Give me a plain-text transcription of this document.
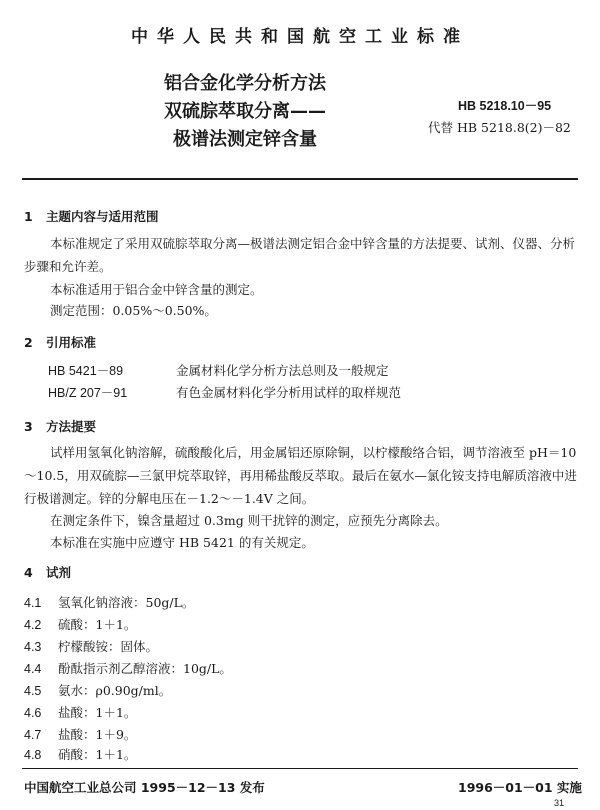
中华人民共和国航空工业标准
铝合金化学分析方法
双硫腙萃取分离——
极谱法测定锌含量
HB 5218.10－95
代替 HB 5218.8(2)－82
1 主题内容与适用范围
本标准规定了采用双硫腙萃取分离—极谱法测定铝合金中锌含量的方法提要、试剂、仪器、分析步骤和允许差。
本标准适用于铝合金中锌含量的测定。
测定范围：0.05%～0.50%。
2 引用标准
HB 5421－89	金属材料化学分析方法总则及一般规定
HB/Z 207－91	有色金属材料化学分析用试样的取样规范
3 方法提要
试样用氢氧化钠溶解，硫酸酸化后，用金属铝还原除铜，以柠檬酸络合铝，调节溶液至 pH＝10～10.5，用双硫腙—三氯甲烷萃取锌，再用稀盐酸反萃取。最后在氨水—氯化铵支持电解质溶液中进行极谱测定。锌的分解电压在－1.2～－1.4V 之间。
在测定条件下，镍含量超过 0.3mg 则干扰锌的测定，应预先分离除去。
本标准在实施中应遵守 HB 5421 的有关规定。
4 试剂
4.1 氢氧化钠溶液：50g/L。
4.2 硫酸：1＋1。
4.3 柠檬酸铵：固体。
4.4 酚酞指示剂乙醇溶液：10g/L。
4.5 氨水：ρ0.90g/ml。
4.6 盐酸：1＋1。
4.7 盐酸：1＋9。
4.8 硝酸：1＋1。
中国航空工业总公司 1995－12－13 发布	1996－01－01 实施
31
